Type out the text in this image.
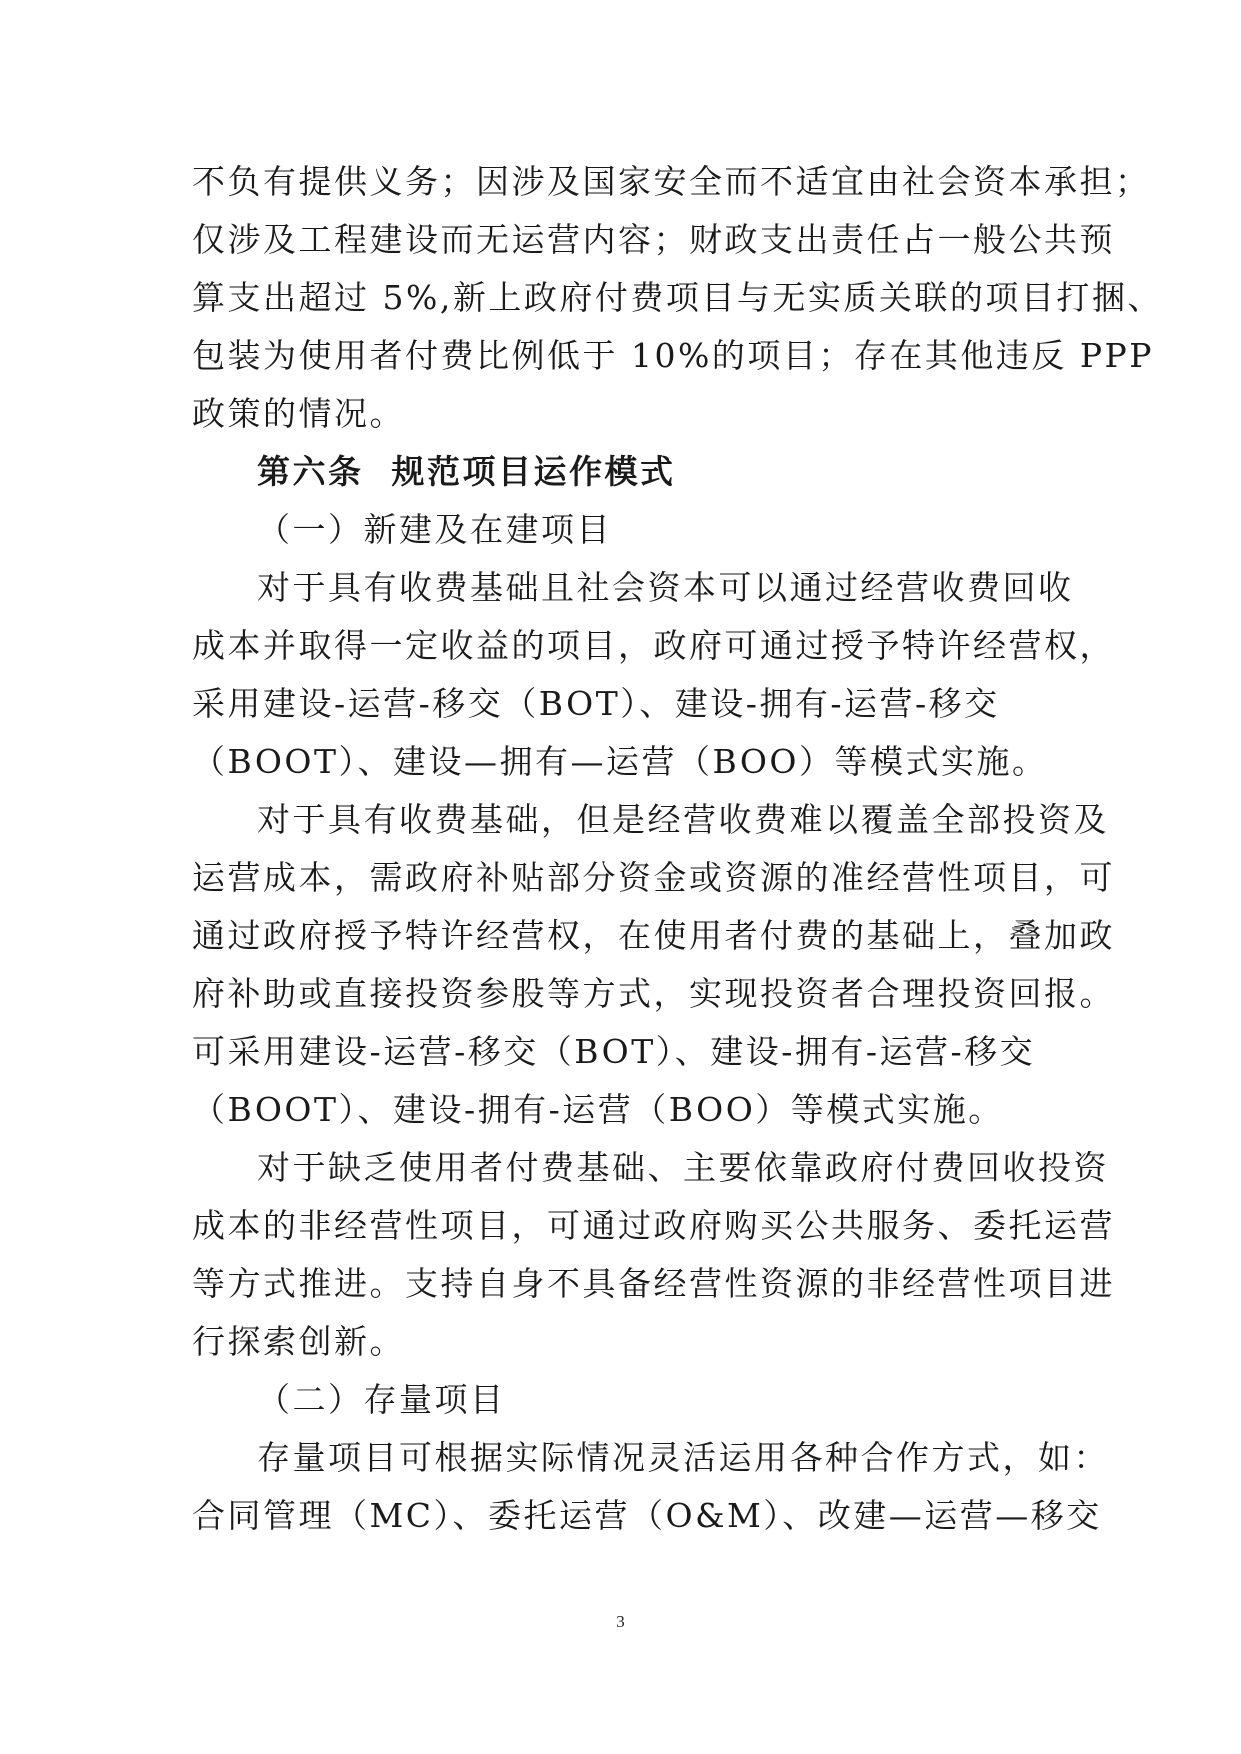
不负有提供义务；因涉及国家安全而不适宜由社会资本承担；
仅涉及工程建设而无运营内容；财政支出责任占一般公共预
算支出超过 5%,新上政府付费项目与无实质关联的项目打捆、
包装为使用者付费比例低于 10%的项目；存在其他违反 PPP
政策的情况。
第六条 规范项目运作模式
（一）新建及在建项目
对于具有收费基础且社会资本可以通过经营收费回收
成本并取得一定收益的项目，政府可通过授予特许经营权，
采用建设-运营-移交（BOT）、建设-拥有-运营-移交
（BOOT）、建设—拥有—运营（BOO）等模式实施。
对于具有收费基础，但是经营收费难以覆盖全部投资及
运营成本，需政府补贴部分资金或资源的准经营性项目，可
通过政府授予特许经营权，在使用者付费的基础上，叠加政
府补助或直接投资参股等方式，实现投资者合理投资回报。
可采用建设-运营-移交（BOT）、建设-拥有-运营-移交
（BOOT）、建设-拥有-运营（BOO）等模式实施。
对于缺乏使用者付费基础、主要依靠政府付费回收投资
成本的非经营性项目，可通过政府购买公共服务、委托运营
等方式推进。支持自身不具备经营性资源的非经营性项目进
行探索创新。
（二）存量项目
存量项目可根据实际情况灵活运用各种合作方式，如：
合同管理（MC）、委托运营（O&M）、改建—运营—移交
3
